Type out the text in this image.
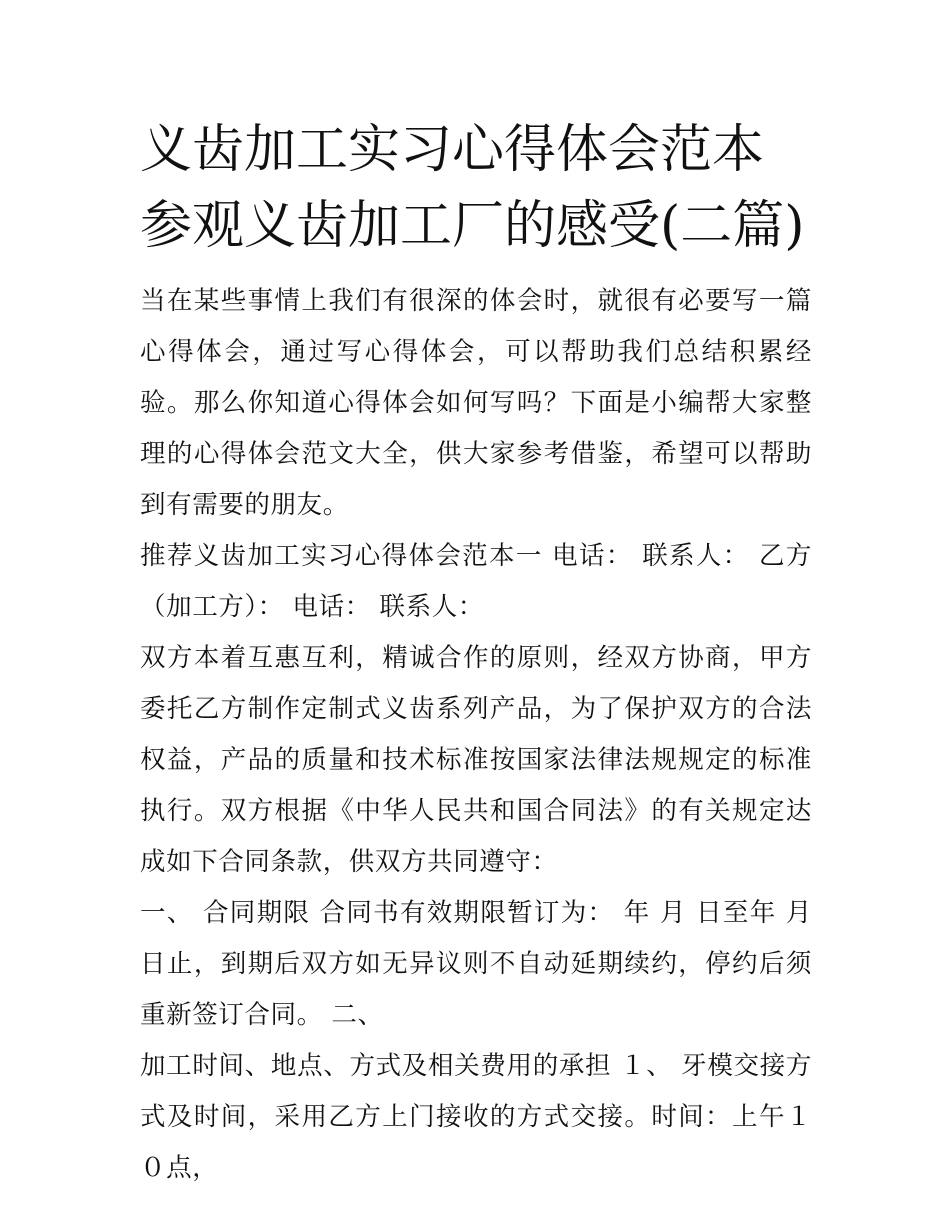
义齿加工实习心得体会范本 参观义齿加工厂的感受(二篇)

当在某些事情上我们有很深的体会时，就很有必要写一篇心得体会，通过写心得体会，可以帮助我们总结积累经验。那么你知道心得体会如何写吗？下面是小编帮大家整理的心得体会范文大全，供大家参考借鉴，希望可以帮助到有需要的朋友。

推荐义齿加工实习心得体会范本一 电话： 联系人： 乙方（加工方）： 电话： 联系人：

双方本着互惠互利，精诚合作的原则，经双方协商，甲方委托乙方制作定制式义齿系列产品，为了保护双方的合法权益，产品的质量和技术标准按国家法律法规规定的标准执行。双方根据《中华人民共和国合同法》的有关规定达成如下合同条款，供双方共同遵守：

一、 合同期限 合同书有效期限暂订为： 年 月 日至年 月 日止，到期后双方如无异议则不自动延期续约，停约后须重新签订合同。 二、

加工时间、地点、方式及相关费用的承担 １、 牙模交接方式及时间，采用乙方上门接收的方式交接。时间：上午１０点，
